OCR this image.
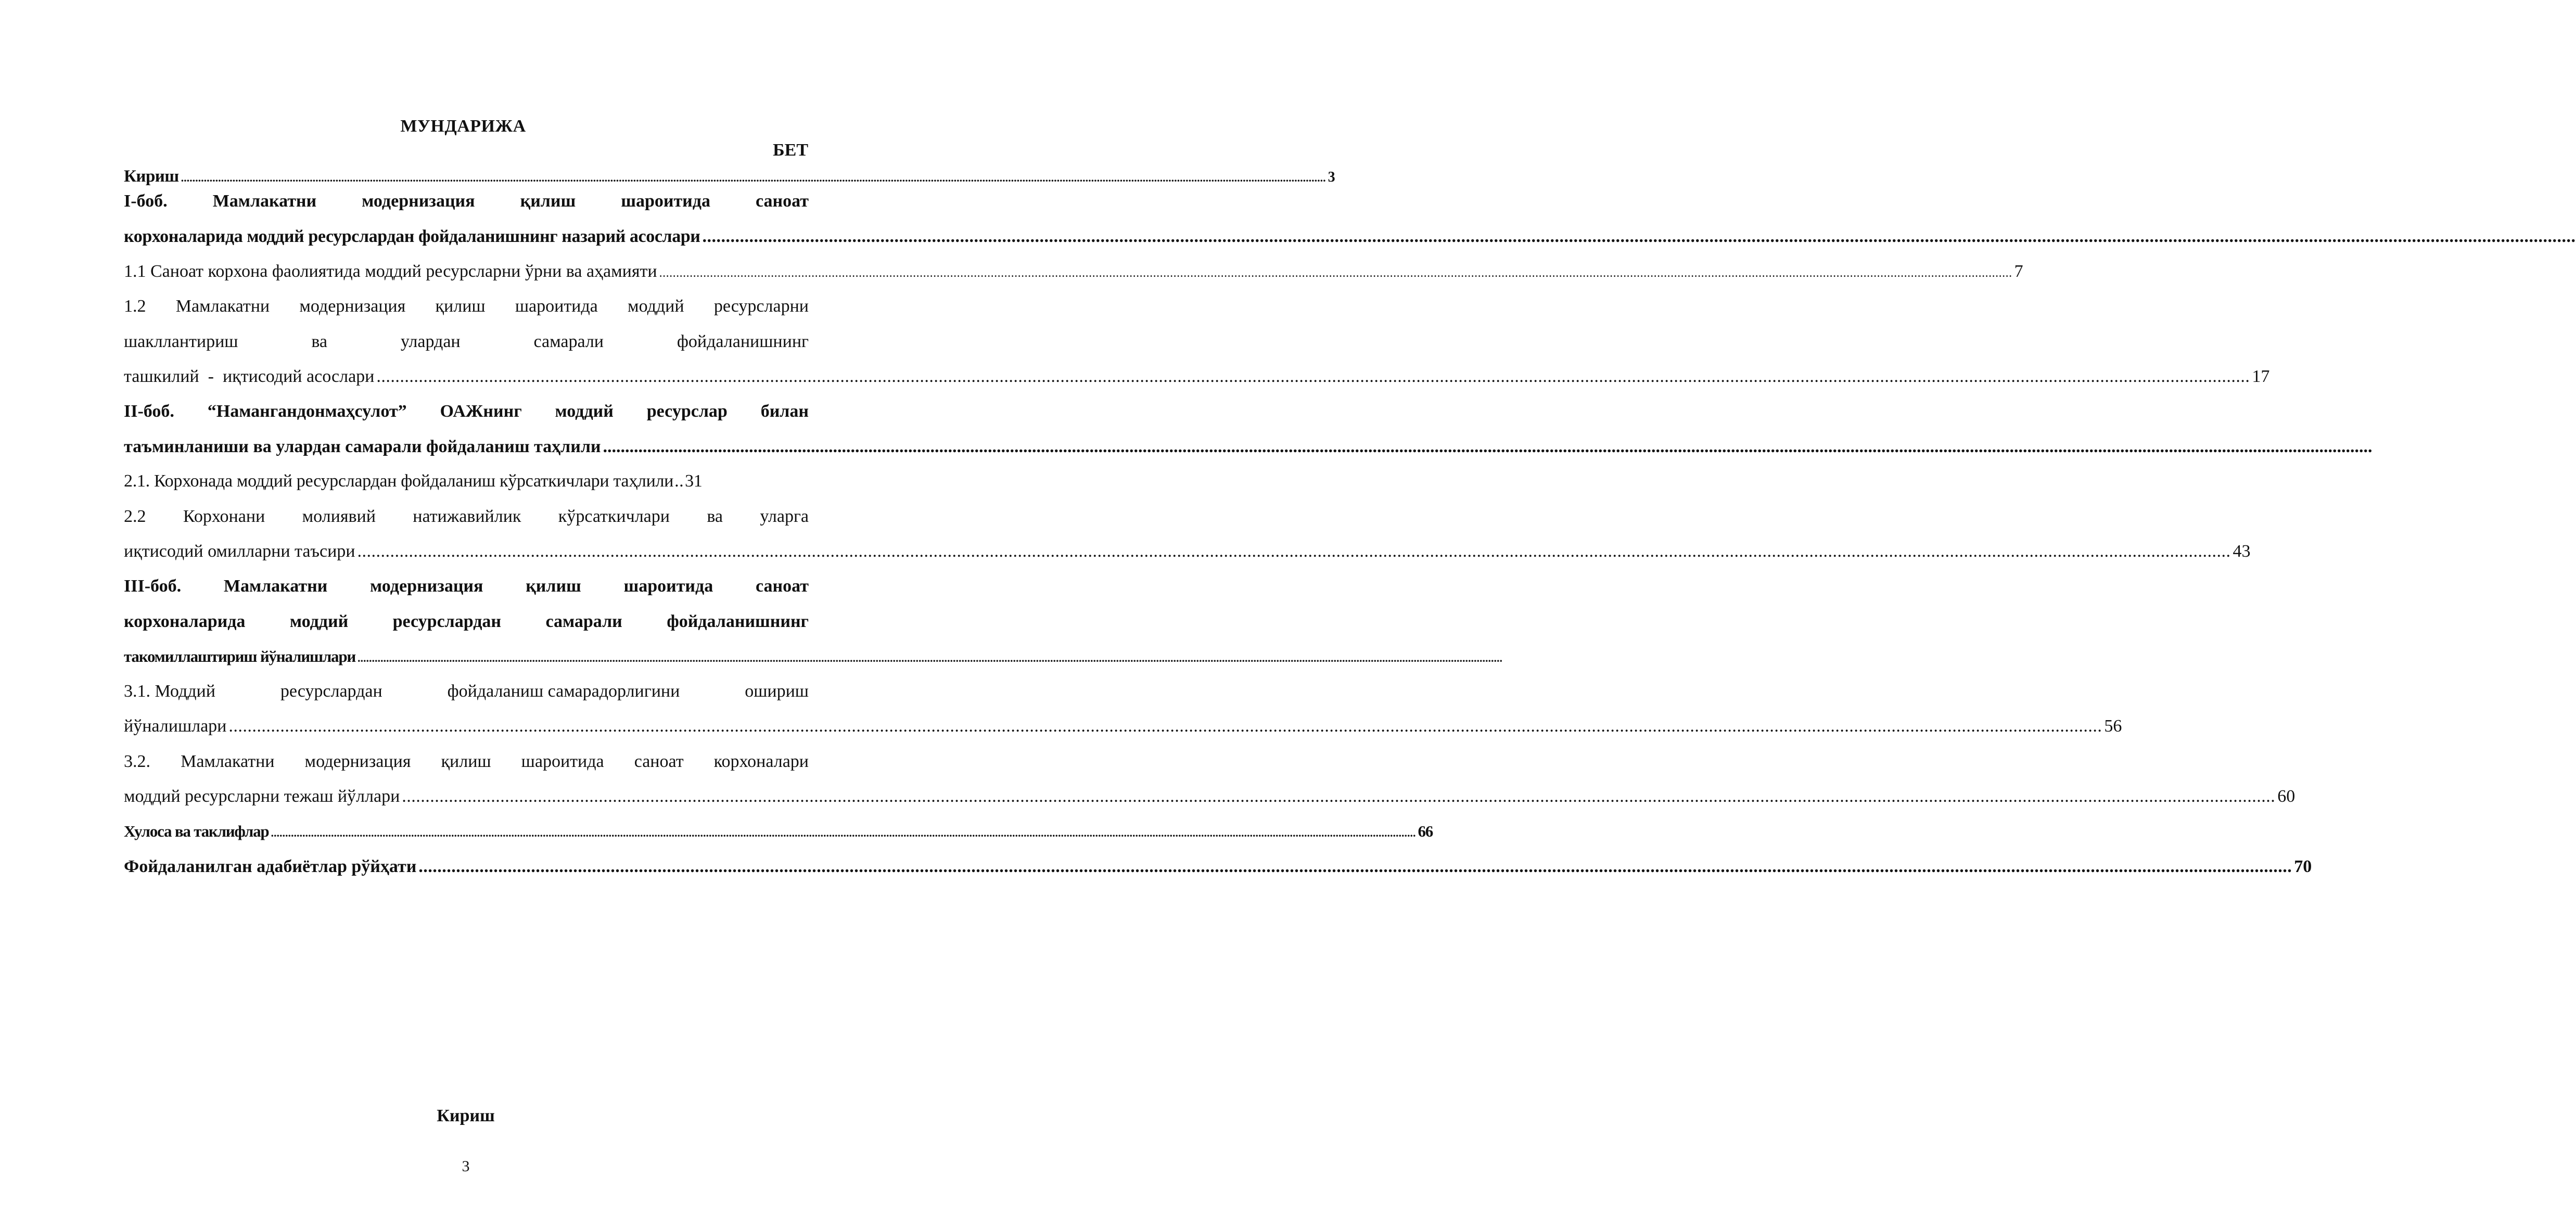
МУНДАРИЖА
БЕТ
Кириш ................................................................................................................................................................................................................................................................................................................................................................................................................ 3
I-боб.	Мамлакатни	модернизация	қилиш	шароитида	саноат
корхоналарида моддий ресурслардан фойдаланишнинг назарий асослари ................................................................................................................................................................................................................................................................................................................................................................................................................
1.1 Саноат корхона фаолиятида моддий ресурсларни ўрни ва аҳамияти ................................................................................................................................................................................................................................................................................................................................................................................................................ 7
1.2 Мамлакатни модернизация қилиш шароитида моддий ресурсларни
шакллантириш	ва	улардан	самарали	фойдаланишнинг
ташкилий  -  иқтисодий асослари ................................................................................................................................................................................................................................................................................................................................................................................................................ 17
II-боб. “Намангандонмаҳсулот” ОАЖнинг моддий ресурслар билан
таъминланиши ва улардан самарали фойдаланиш таҳлили ................................................................................................................................................................................................................................................................................................................................................................................................................
2.1. Корхонада моддий ресурслардан фойдаланиш кўрсаткичлари таҳлили .. 31
2.2 Корхонани молиявий натижавийлик кўрсаткичлари ва уларга
иқтисодий омилларни таъсири ................................................................................................................................................................................................................................................................................................................................................................................................................ 43
III-боб. Мамлакатни модернизация қилиш шароитида саноат
корхоналарида	моддий	ресурслардан	самарали	фойдаланишнинг
такомиллаштириш йўналишлари ................................................................................................................................................................................................................................................................................................................................................................................................................
3.1. Моддий	ресурслардан	фойдаланиш самарадорлигини	ошириш
йўналишлари ................................................................................................................................................................................................................................................................................................................................................................................................................ 56
3.2. Мамлакатни модернизация қилиш шароитида саноат корхоналари
моддий ресурсларни тежаш йўллари ................................................................................................................................................................................................................................................................................................................................................................................................................ 60
Хулоса ва таклифлар ................................................................................................................................................................................................................................................................................................................................................................................................................ 66
Фойдаланилган адабиётлар рўйҳати ................................................................................................................................................................................................................................................................................................................................................................................................................ 70
Кириш
3
